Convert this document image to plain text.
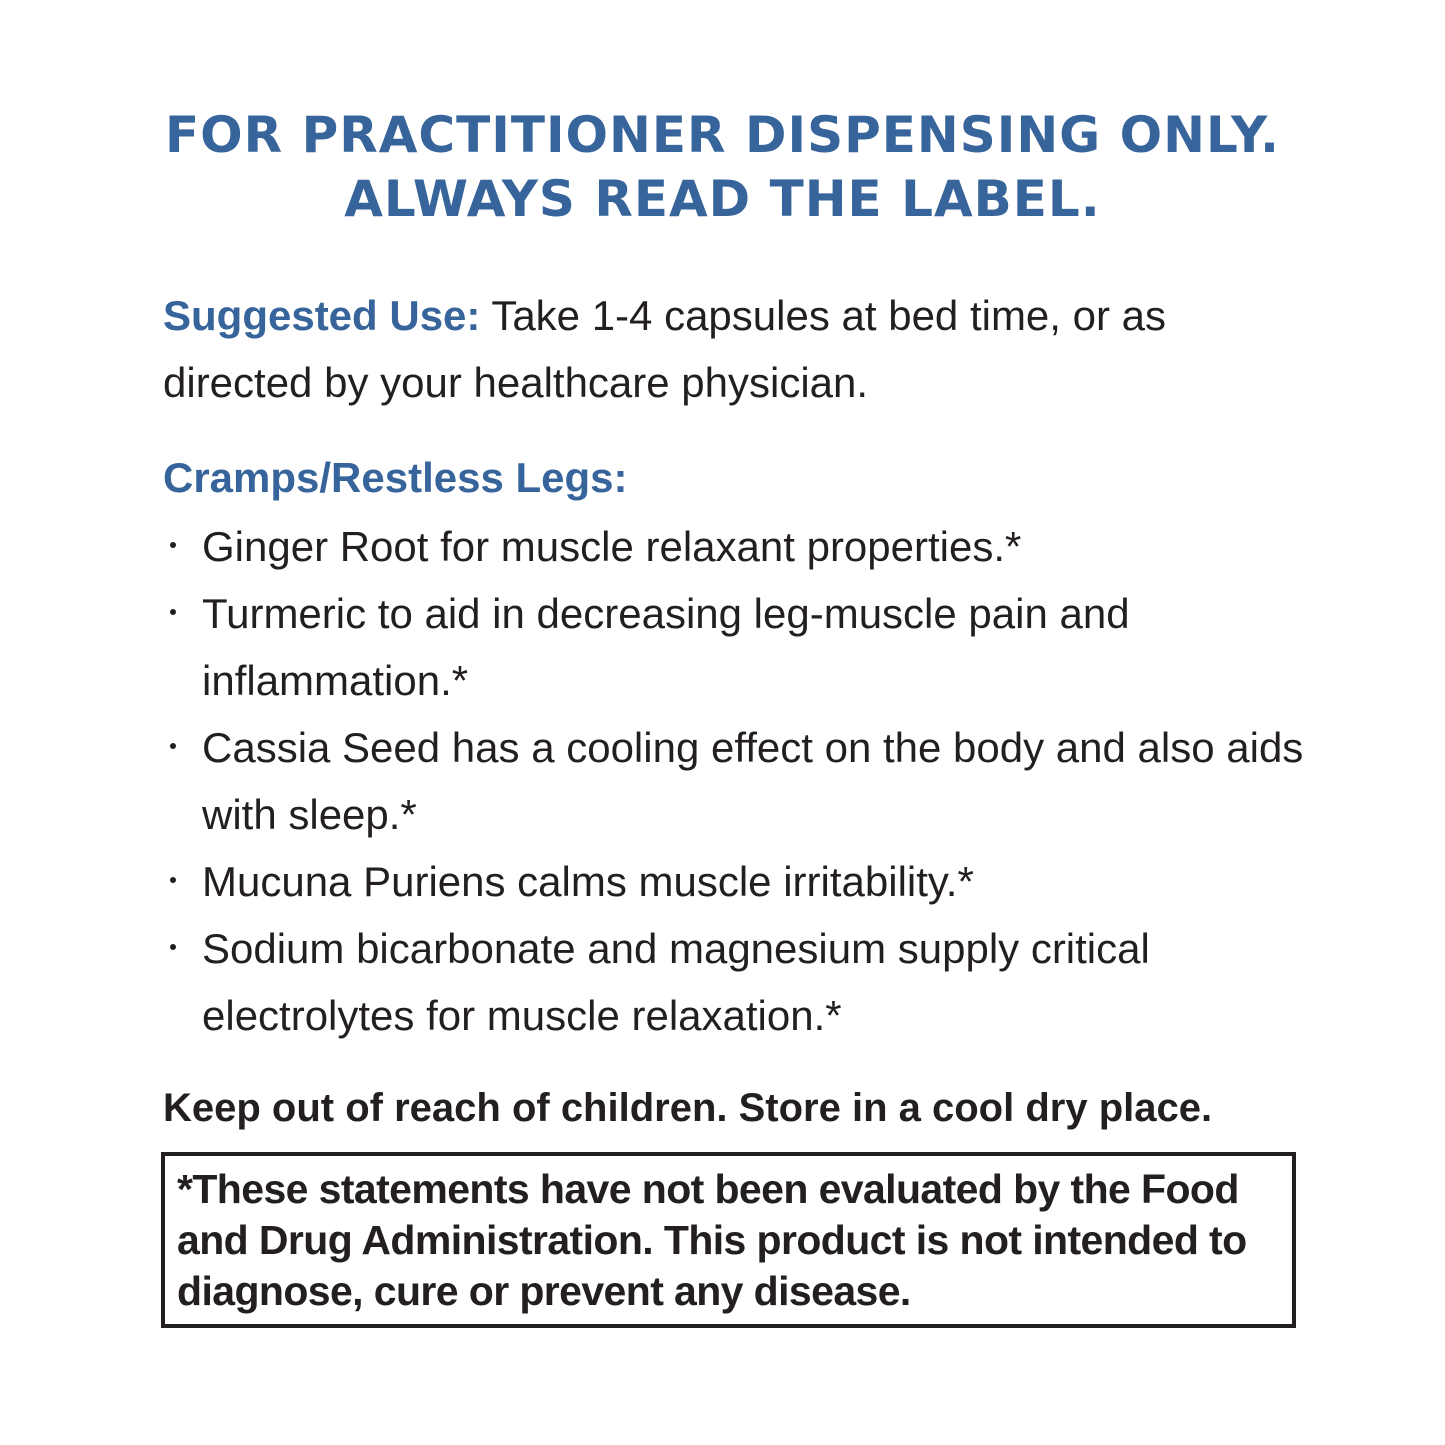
FOR PRACTITIONER DISPENSING ONLY.
ALWAYS READ THE LABEL.
Suggested Use: Take 1-4 capsules at bed time, or as directed by your healthcare physician.
Cramps/Restless Legs:
Ginger Root for muscle relaxant properties.*
Turmeric to aid in decreasing leg-muscle pain and inflammation.*
Cassia Seed has a cooling effect on the body and also aids with sleep.*
Mucuna Puriens calms muscle irritability.*
Sodium bicarbonate and magnesium supply critical electrolytes for muscle relaxation.*
Keep out of reach of children. Store in a cool dry place.
*These statements have not been evaluated by the Food and Drug Administration. This product is not intended to diagnose, cure or prevent any disease.
